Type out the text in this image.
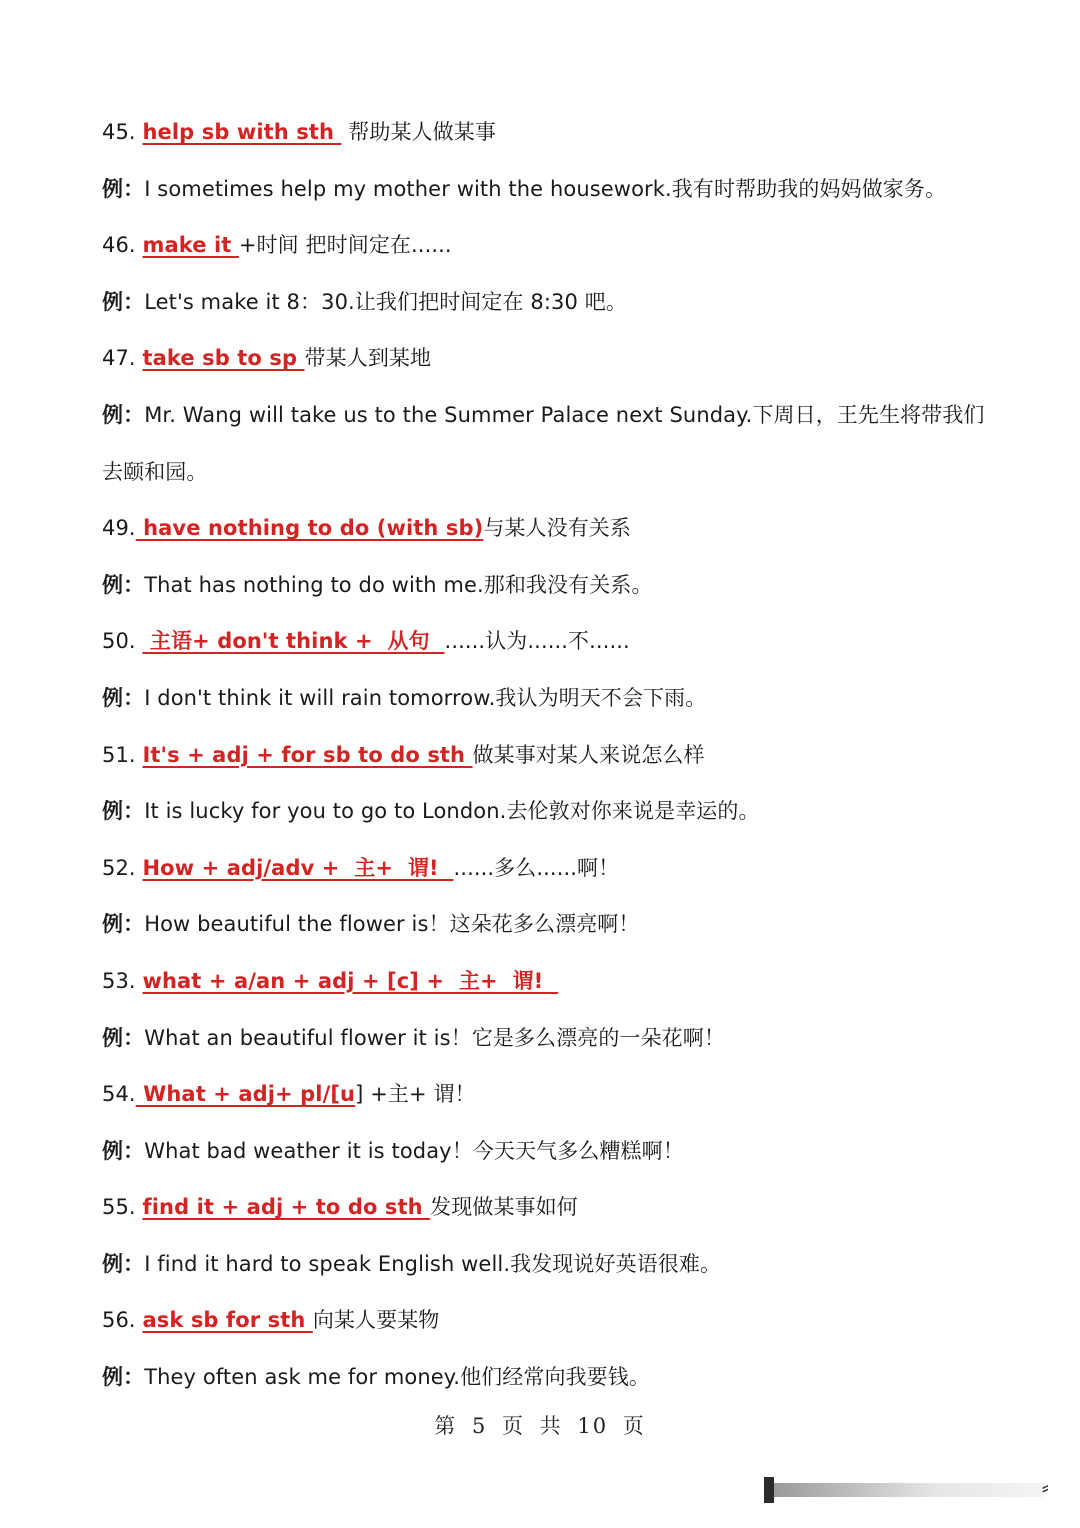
45. help sb with sth  帮助某人做某事
例：I sometimes help my mother with the housework.我有时帮助我的妈妈做家务。
46. make it +时间 把时间定在......
例：Let's make it 8：30.让我们把时间定在 8:30 吧。
47. take sb to sp 带某人到某地
例：Mr. Wang will take us to the Summer Palace next Sunday.下周日，王先生将带我们
去颐和园。
49. have nothing to do (with sb)与某人没有关系
例：That has nothing to do with me.那和我没有关系。
50.  主语+ don't think +  从句  ......认为......不......
例：I don't think it will rain tomorrow.我认为明天不会下雨。
51. It's + adj + for sb to do sth 做某事对某人来说怎么样
例：It is lucky for you to go to London.去伦敦对你来说是幸运的。
52. How + adj/adv +  主+  谓!  ......多么......啊！
例：How beautiful the flower is！这朵花多么漂亮啊！
53. what + a/an + adj + [c] +  主+  谓!
例：What an beautiful flower it is！它是多么漂亮的一朵花啊！
54. What + adj+ pl/[u] +主+ 谓！
例：What bad weather it is today！今天天气多么糟糕啊！
55. find it + adj + to do sth 发现做某事如何
例：I find it hard to speak English well.我发现说好英语很难。
56. ask sb for sth 向某人要某物
例：They often ask me for money.他们经常向我要钱。
第 5 页 共 10 页
⸗
